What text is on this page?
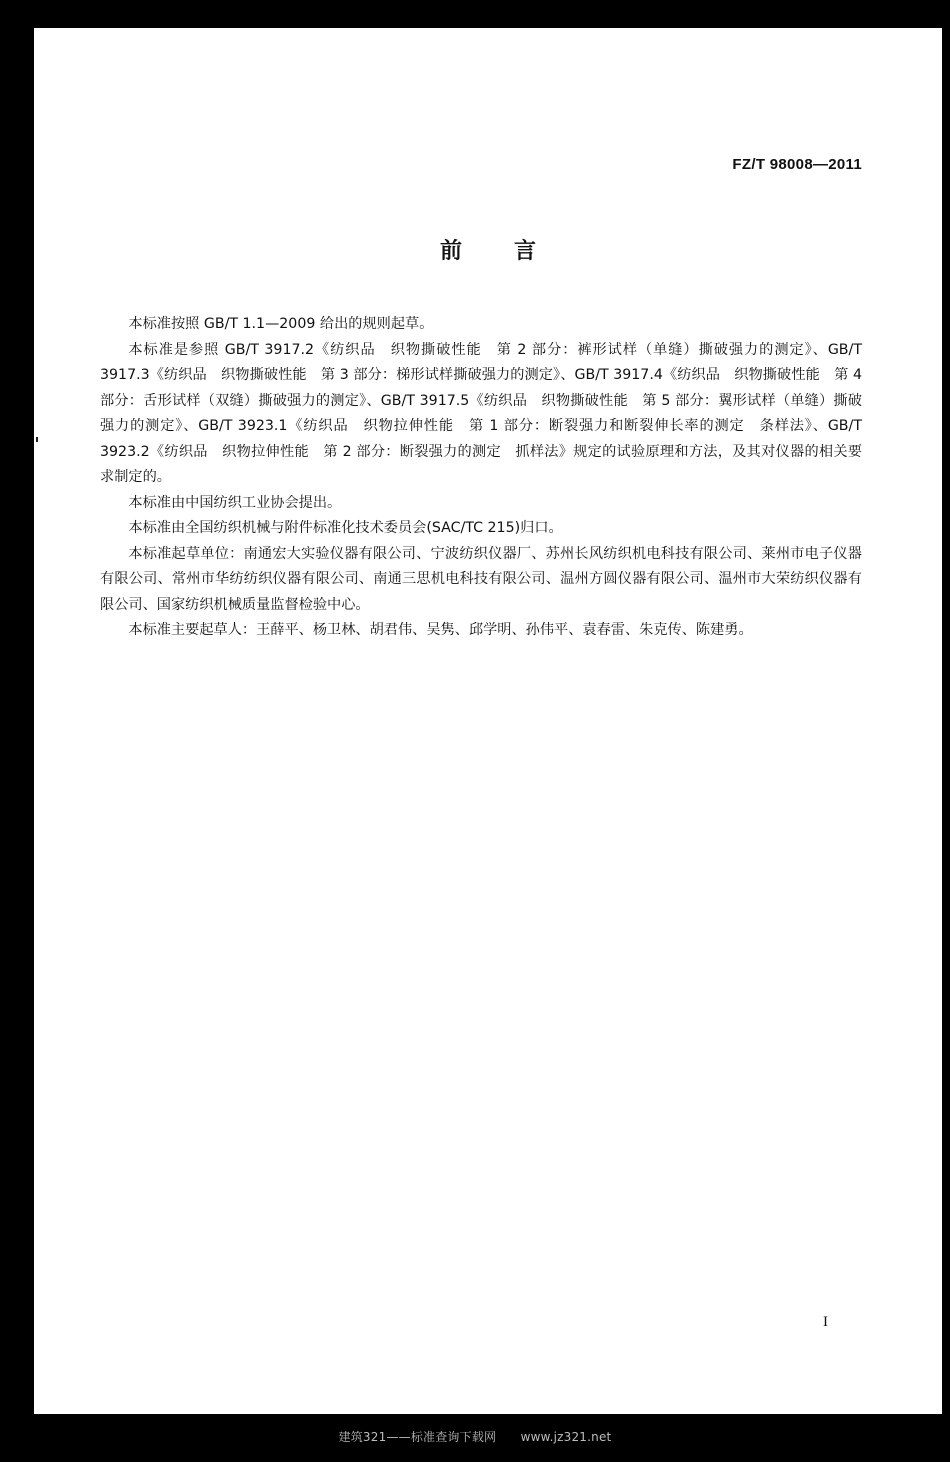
FZ/T 98008—2011
前 言

本标准按照 GB/T 1.1—2009 给出的规则起草。

本标准是参照 GB/T 3917.2《纺织品　织物撕破性能　第 2 部分：裤形试样（单缝）撕破强力的测定》、GB/T 3917.3《纺织品　织物撕破性能　第 3 部分：梯形试样撕破强力的测定》、GB/T 3917.4《纺织品　织物撕破性能　第 4 部分：舌形试样（双缝）撕破强力的测定》、GB/T 3917.5《纺织品　织物撕破性能　第 5 部分：翼形试样（单缝）撕破强力的测定》、GB/T 3923.1《纺织品　织物拉伸性能　第 1 部分：断裂强力和断裂伸长率的测定　条样法》、GB/T 3923.2《纺织品　织物拉伸性能　第 2 部分：断裂强力的测定　抓样法》规定的试验原理和方法，及其对仪器的相关要求制定的。

本标准由中国纺织工业协会提出。

本标准由全国纺织机械与附件标准化技术委员会(SAC/TC 215)归口。

本标准起草单位：南通宏大实验仪器有限公司、宁波纺织仪器厂、苏州长风纺织机电科技有限公司、莱州市电子仪器有限公司、常州市华纺纺织仪器有限公司、南通三思机电科技有限公司、温州方圆仪器有限公司、温州市大荣纺织仪器有限公司、国家纺织机械质量监督检验中心。

本标准主要起草人：王薛平、杨卫林、胡君伟、吴隽、邱学明、孙伟平、袁春雷、朱克传、陈建勇。

I
建筑321——标准查询下载网　　www.jz321.net
